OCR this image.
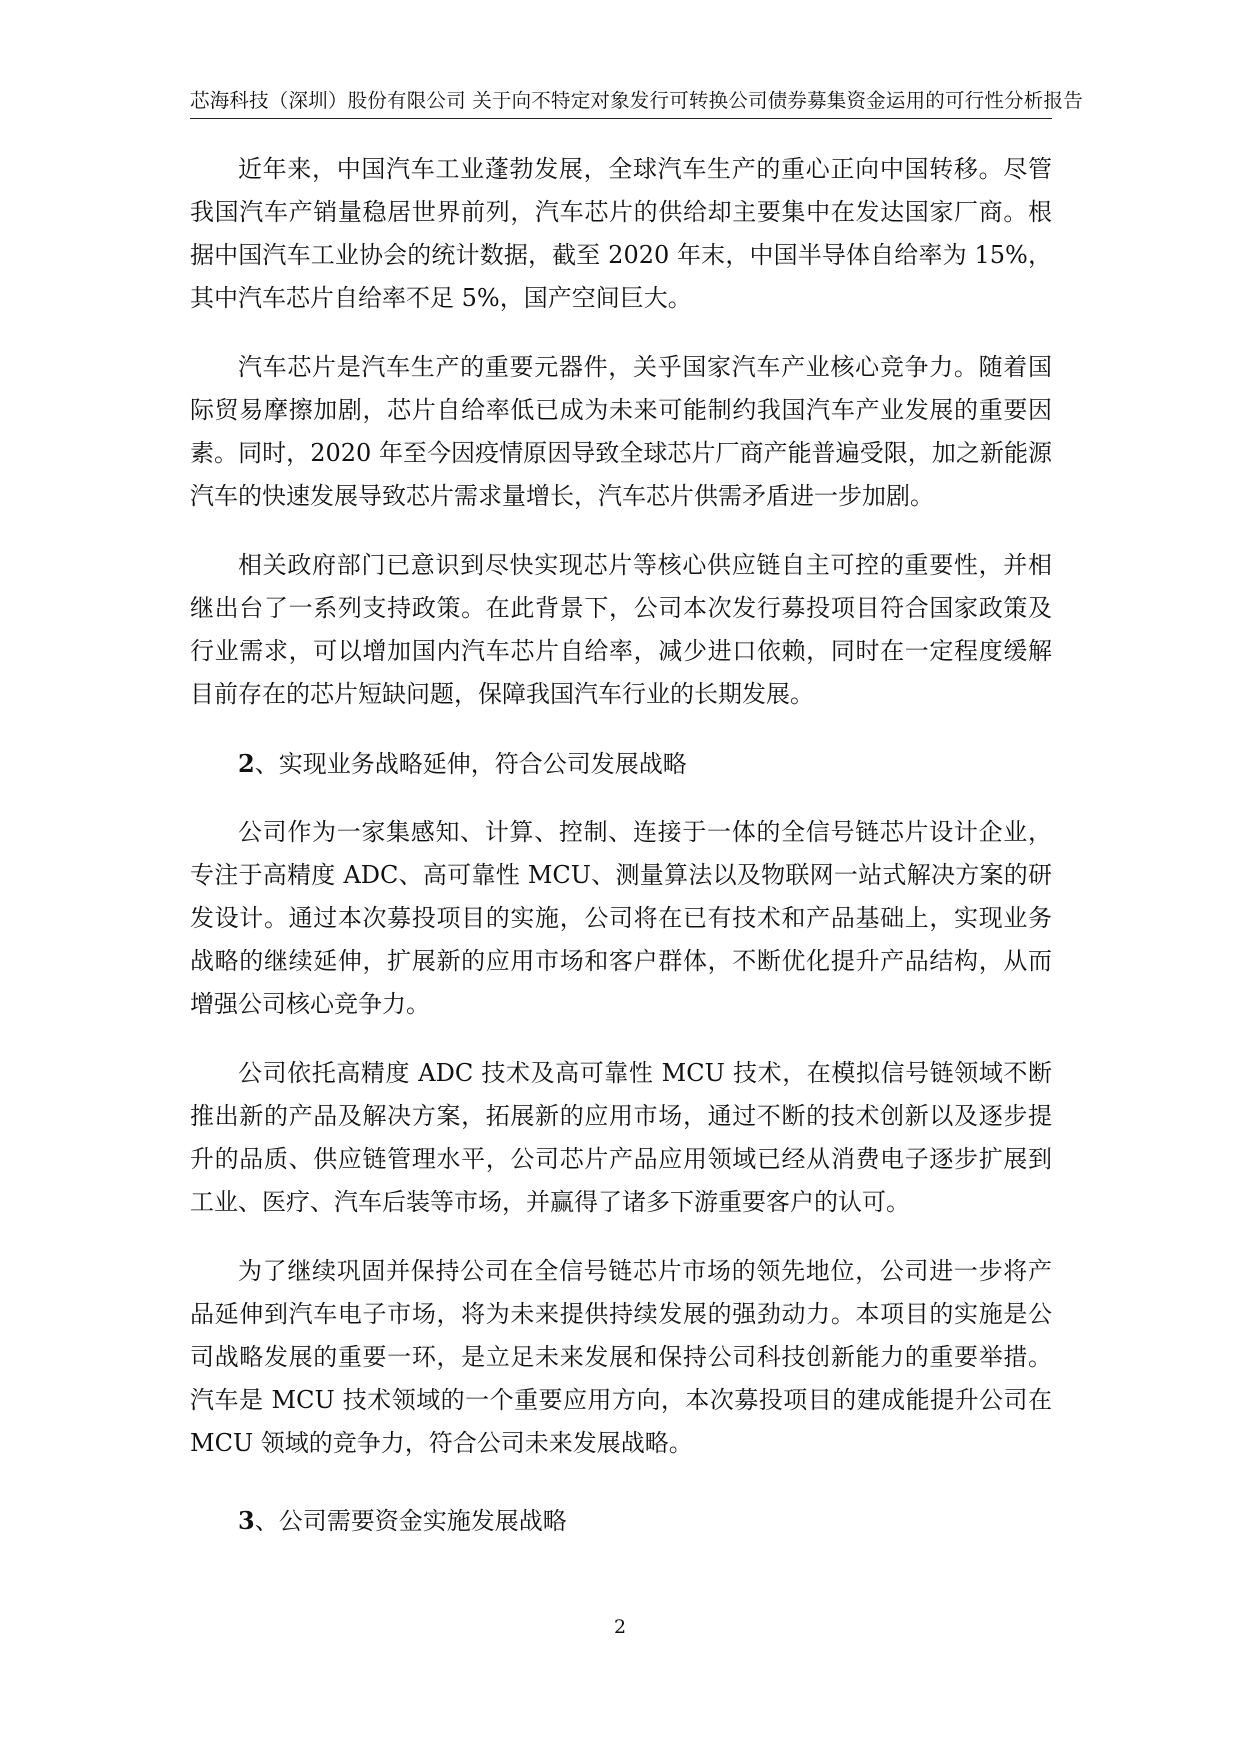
芯海科技（深圳）股份有限公司 关于向不特定对象发行可转换公司债券募集资金运用的可行性分析报告

近年来，中国汽车工业蓬勃发展，全球汽车生产的重心正向中国转移。尽管我国汽车产销量稳居世界前列，汽车芯片的供给却主要集中在发达国家厂商。根据中国汽车工业协会的统计数据，截至 2020 年末，中国半导体自给率为 15%，其中汽车芯片自给率不足 5%，国产空间巨大。

汽车芯片是汽车生产的重要元器件，关乎国家汽车产业核心竞争力。随着国际贸易摩擦加剧，芯片自给率低已成为未来可能制约我国汽车产业发展的重要因素。同时，2020 年至今因疫情原因导致全球芯片厂商产能普遍受限，加之新能源汽车的快速发展导致芯片需求量增长，汽车芯片供需矛盾进一步加剧。

相关政府部门已意识到尽快实现芯片等核心供应链自主可控的重要性，并相继出台了一系列支持政策。在此背景下，公司本次发行募投项目符合国家政策及行业需求，可以增加国内汽车芯片自给率，减少进口依赖，同时在一定程度缓解目前存在的芯片短缺问题，保障我国汽车行业的长期发展。

2、实现业务战略延伸，符合公司发展战略

公司作为一家集感知、计算、控制、连接于一体的全信号链芯片设计企业，专注于高精度 ADC、高可靠性 MCU、测量算法以及物联网一站式解决方案的研发设计。通过本次募投项目的实施，公司将在已有技术和产品基础上，实现业务战略的继续延伸，扩展新的应用市场和客户群体，不断优化提升产品结构，从而增强公司核心竞争力。

公司依托高精度 ADC 技术及高可靠性 MCU 技术，在模拟信号链领域不断推出新的产品及解决方案，拓展新的应用市场，通过不断的技术创新以及逐步提升的品质、供应链管理水平，公司芯片产品应用领域已经从消费电子逐步扩展到工业、医疗、汽车后装等市场，并赢得了诸多下游重要客户的认可。

为了继续巩固并保持公司在全信号链芯片市场的领先地位，公司进一步将产品延伸到汽车电子市场，将为未来提供持续发展的强劲动力。本项目的实施是公司战略发展的重要一环，是立足未来发展和保持公司科技创新能力的重要举措。汽车是 MCU 技术领域的一个重要应用方向，本次募投项目的建成能提升公司在 MCU 领域的竞争力，符合公司未来发展战略。

3、公司需要资金实施发展战略

2
